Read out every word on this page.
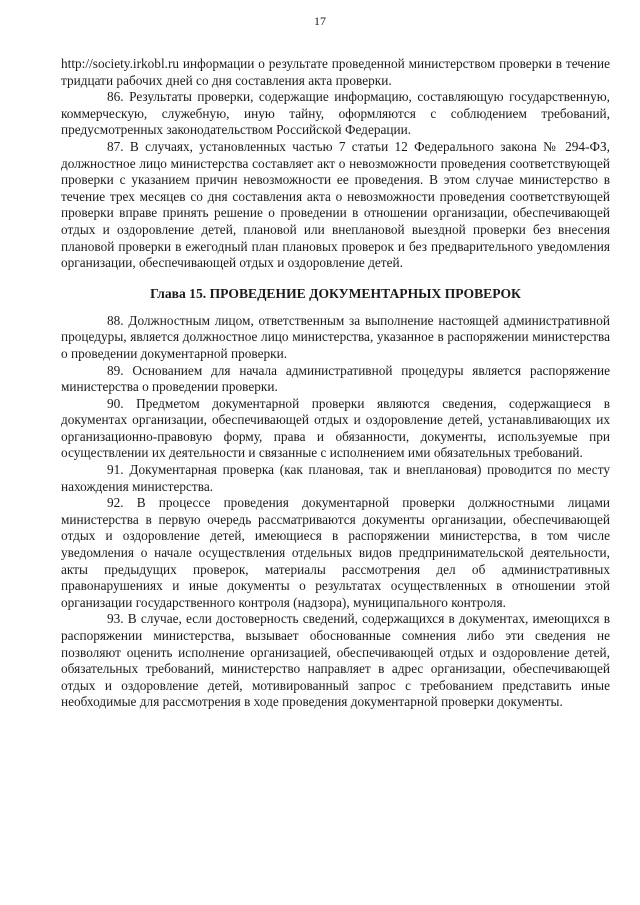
17

http://society.irkobl.ru информации о результате проведенной министерством проверки в течение тридцати рабочих дней со дня составления акта проверки.

86. Результаты проверки, содержащие информацию, составляющую государственную, коммерческую, служебную, иную тайну, оформляются с соблюдением требований, предусмотренных законодательством Российской Федерации.

87. В случаях, установленных частью 7 статьи 12 Федерального закона № 294-ФЗ, должностное лицо министерства составляет акт о невозможности проведения соответствующей проверки с указанием причин невозможности ее проведения. В этом случае министерство в течение трех месяцев со дня составления акта о невозможности проведения соответствующей проверки вправе принять решение о проведении в отношении организации, обеспечивающей отдых и оздоровление детей, плановой или внеплановой выездной проверки без внесения плановой проверки в ежегодный план плановых проверок и без предварительного уведомления организации, обеспечивающей отдых и оздоровление детей.

Глава 15. ПРОВЕДЕНИЕ ДОКУМЕНТАРНЫХ ПРОВЕРОК

88. Должностным лицом, ответственным за выполнение настоящей административной процедуры, является должностное лицо министерства, указанное в распоряжении министерства о проведении документарной проверки.

89. Основанием для начала административной процедуры является распоряжение министерства о проведении проверки.

90. Предметом документарной проверки являются сведения, содержащиеся в документах организации, обеспечивающей отдых и оздоровление детей, устанавливающих их организационно-правовую форму, права и обязанности, документы, используемые при осуществлении их деятельности и связанные с исполнением ими обязательных требований.

91. Документарная проверка (как плановая, так и внеплановая) проводится по месту нахождения министерства.

92. В процессе проведения документарной проверки должностными лицами министерства в первую очередь рассматриваются документы организации, обеспечивающей отдых и оздоровление детей, имеющиеся в распоряжении министерства, в том числе уведомления о начале осуществления отдельных видов предпринимательской деятельности, акты предыдущих проверок, материалы рассмотрения дел об административных правонарушениях и иные документы о результатах осуществленных в отношении этой организации государственного контроля (надзора), муниципального контроля.

93. В случае, если достоверность сведений, содержащихся в документах, имеющихся в распоряжении министерства, вызывает обоснованные сомнения либо эти сведения не позволяют оценить исполнение организацией, обеспечивающей отдых и оздоровление детей, обязательных требований, министерство направляет в адрес организации, обеспечивающей отдых и оздоровление детей, мотивированный запрос с требованием представить иные необходимые для рассмотрения в ходе проведения документарной проверки документы.
